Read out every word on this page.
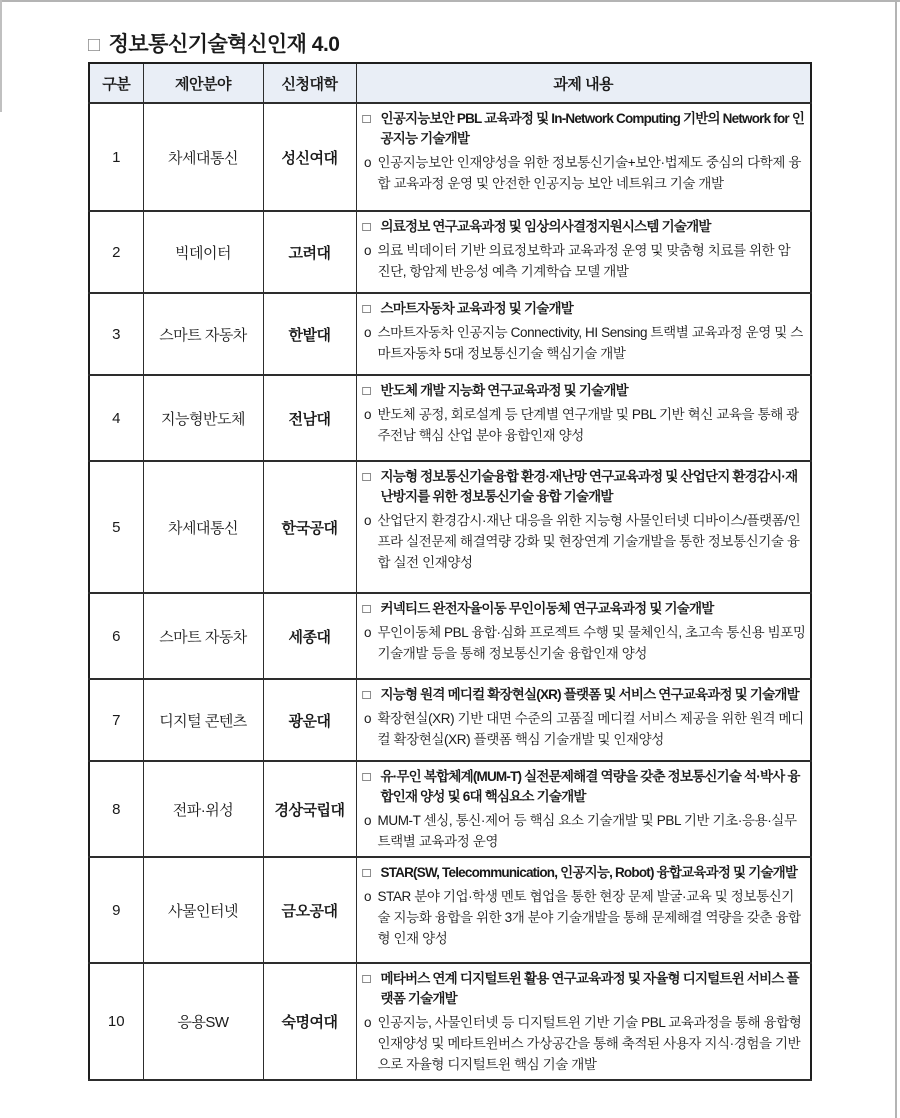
□ 정보통신기술혁신인재 4.0
구분	제안분야	신청대학	과제 내용
1	차세대통신	성신여대	□ 인공지능보안 PBL 교육과정 및 In-Network Computing 기반의 Network for 인공지능 기술개발
o 인공지능보안 인재양성을 위한 정보통신기술+보안·법제도 중심의 다학제 융합 교육과정 운영 및 안전한 인공지능 보안 네트워크 기술 개발

2	빅데이터	고려대	□ 의료정보 연구교육과정 및 임상의사결정지원시스템 기술개발
o 의료 빅데이터 기반 의료정보학과 교육과정 운영 및 맞춤형 치료를 위한 암 진단, 항암제 반응성 예측 기계학습 모델 개발

3	스마트 자동차	한밭대	□ 스마트자동차 교육과정 및 기술개발
o 스마트자동차 인공지능 Connectivity, HI Sensing 트랙별 교육과정 운영 및 스마트자동차 5대 정보통신기술 핵심기술 개발

4	지능형반도체	전남대	□ 반도체 개발 지능화 연구교육과정 및 기술개발
o 반도체 공정, 회로설계 등 단계별 연구개발 및 PBL 기반 혁신 교육을 통해 광주전남 핵심 산업 분야 융합인재 양성

5	차세대통신	한국공대	□ 지능형 정보통신기술융합 환경·재난망 연구교육과정 및 산업단지 환경감시·재난방지를 위한 정보통신기술 융합 기술개발
o 산업단지 환경감시·재난 대응을 위한 지능형 사물인터넷 디바이스/플랫폼/인프라 실전문제 해결역량 강화 및 현장연계 기술개발을 통한 정보통신기술 융합 실전 인재양성

6	스마트 자동차	세종대	□ 커넥티드 완전자율이동 무인이동체 연구교육과정 및 기술개발
o 무인이동체 PBL 융합·심화 프로젝트 수행 및 물체인식, 초고속 통신용 빔포밍 기술개발 등을 통해 정보통신기술 융합인재 양성

7	디지털 콘텐츠	광운대	□ 지능형 원격 메디컬 확장현실(XR) 플랫폼 및 서비스 연구교육과정 및 기술개발
o 확장현실(XR) 기반 대면 수준의 고품질 메디컬 서비스 제공을 위한 원격 메디컬 확장현실(XR) 플랫폼 핵심 기술개발 및 인재양성

8	전파·위성	경상국립대	□ 유·무인 복합체계(MUM-T) 실전문제해결 역량을 갖춘 정보통신기술 석·박사 융합인재 양성 및 6대 핵심요소 기술개발
o MUM-T 센싱, 통신·제어 등 핵심 요소 기술개발 및 PBL 기반 기초·응용·실무 트랙별 교육과정 운영

9	사물인터넷	금오공대	□ STAR(SW, Telecommunication, 인공지능, Robot) 융합교육과정 및 기술개발
o STAR 분야 기업·학생 멘토 협업을 통한 현장 문제 발굴·교육 및 정보통신기술 지능화 융합을 위한 3개 분야 기술개발을 통해 문제해결 역량을 갖춘 융합형 인재 양성

10	응용SW	숙명여대	□ 메타버스 연계 디지털트윈 활용 연구교육과정 및 자율형 디지털트윈 서비스 플랫폼 기술개발
o 인공지능, 사물인터넷 등 디지털트윈 기반 기술 PBL 교육과정을 통해 융합형 인재양성 및 메타트윈버스 가상공간을 통해 축적된 사용자 지식·경험을 기반으로 자율형 디지털트윈 핵심 기술 개발
